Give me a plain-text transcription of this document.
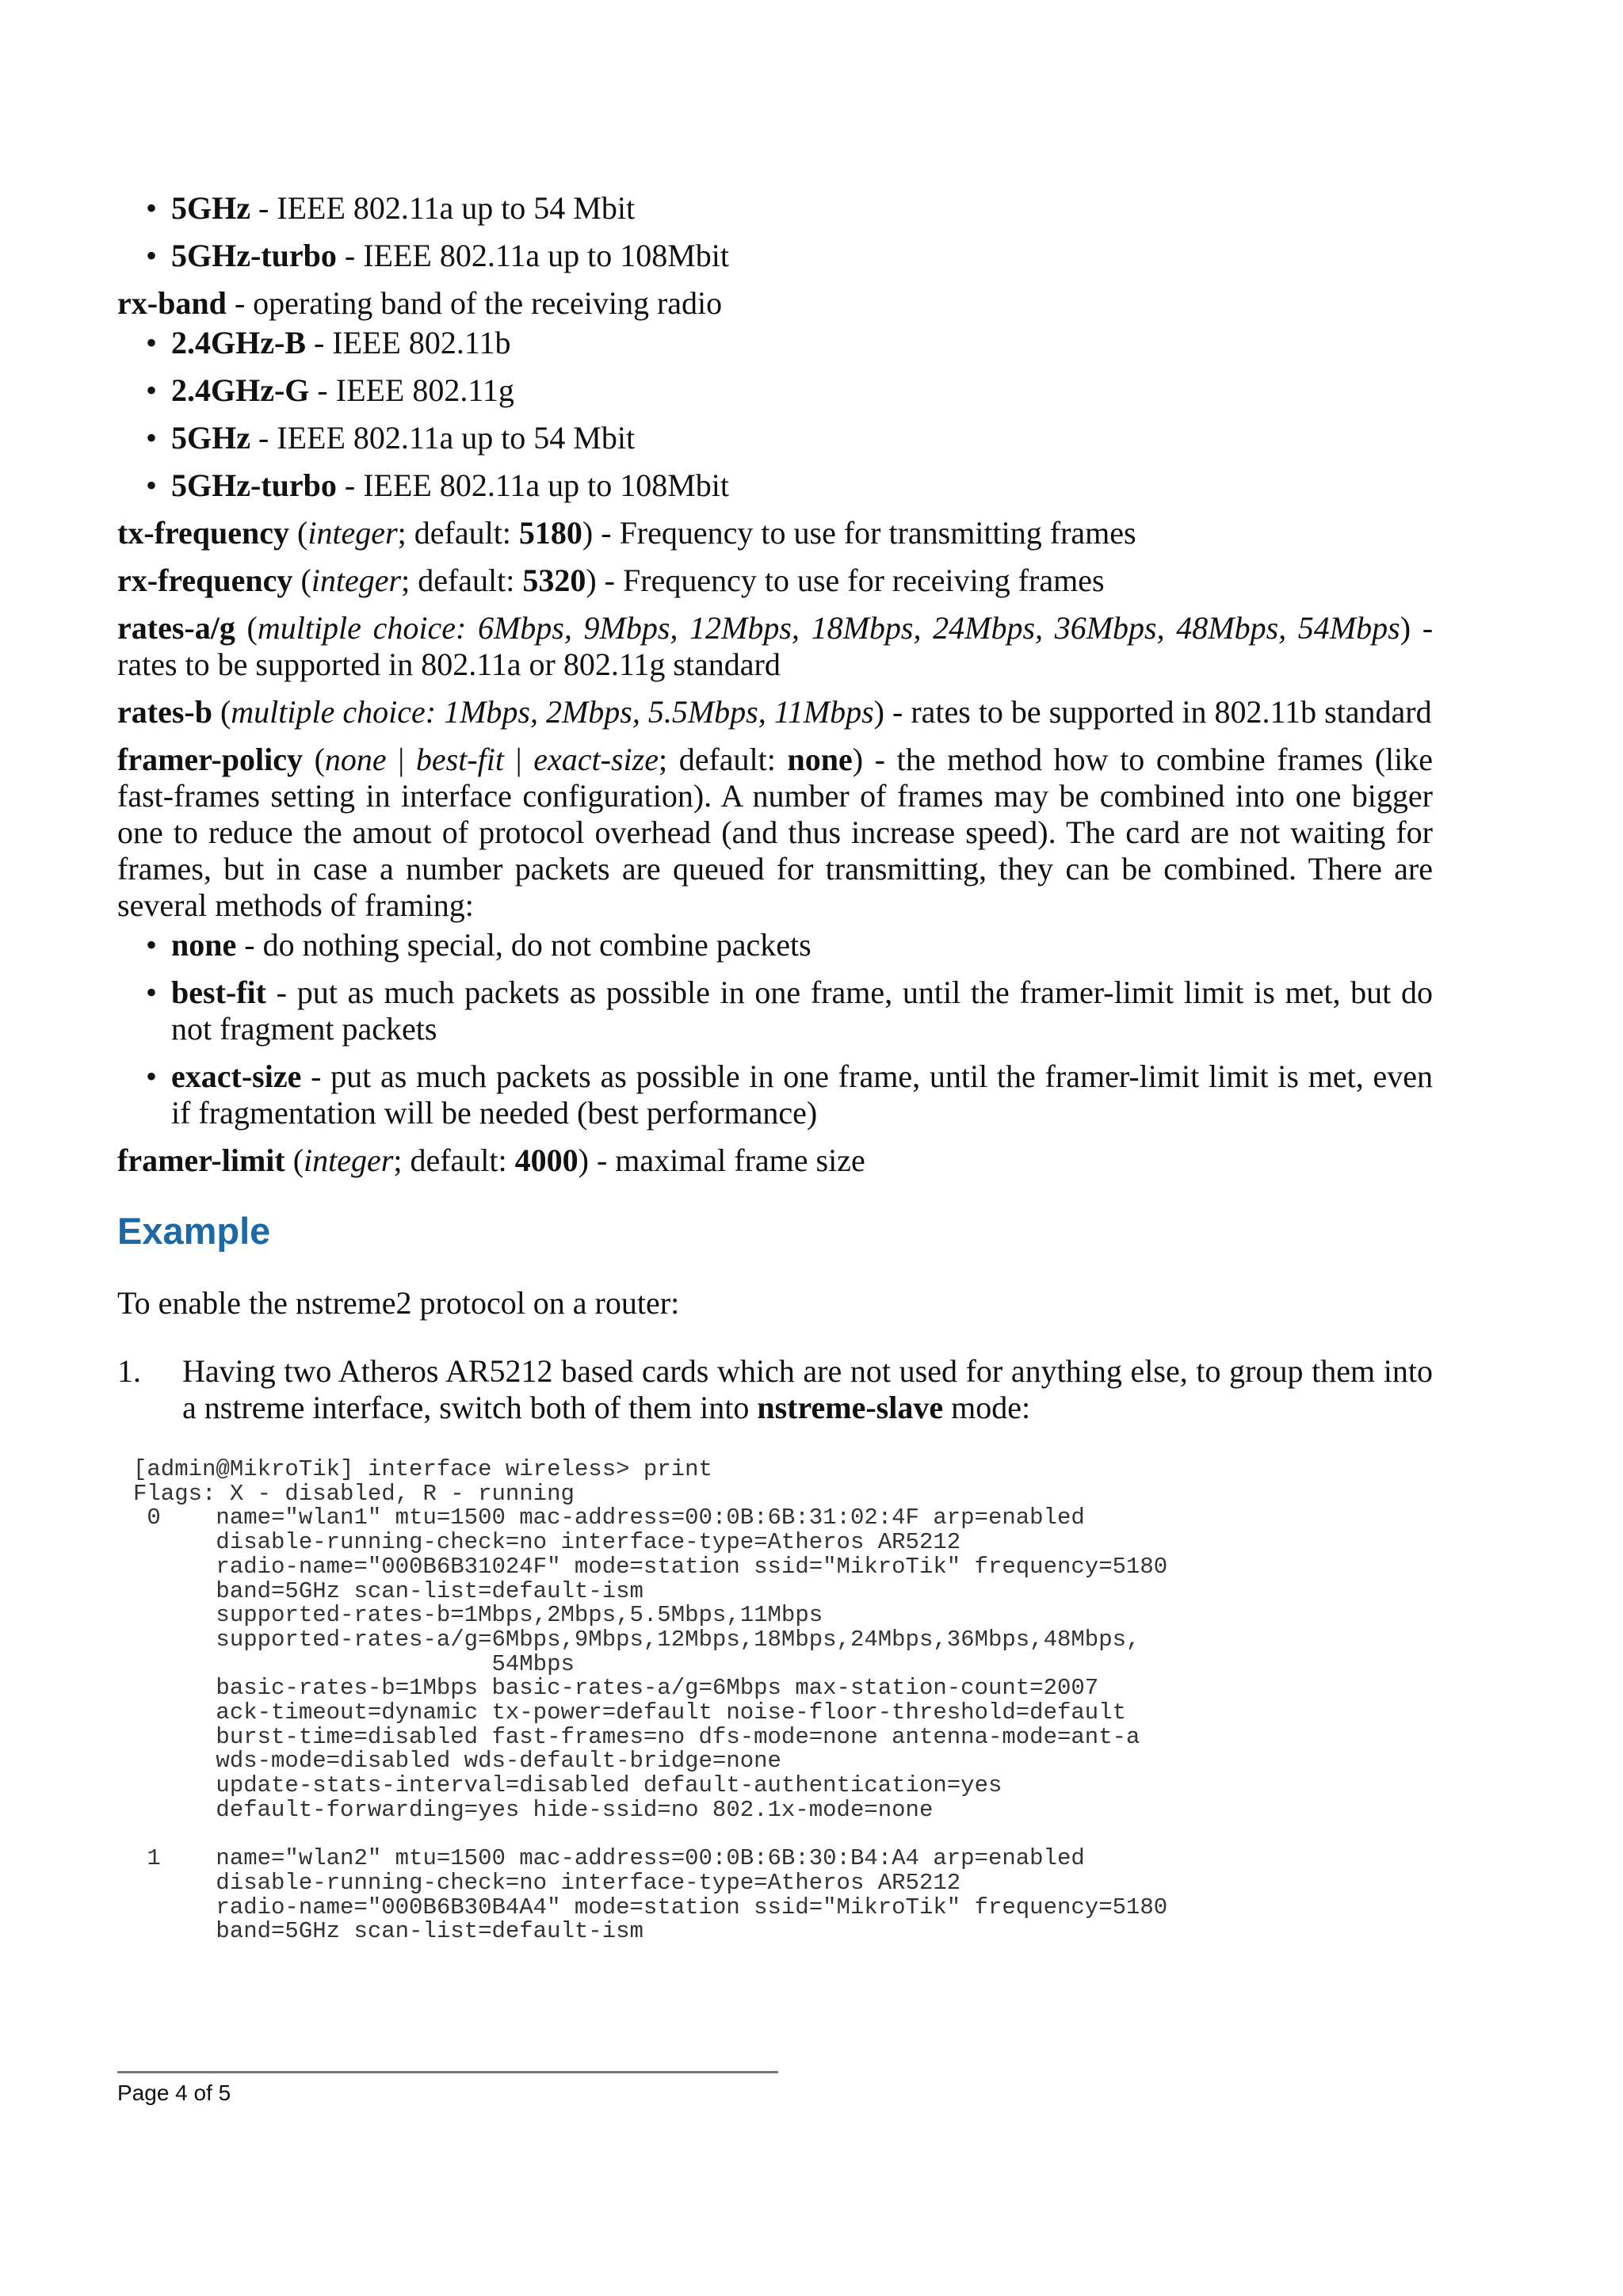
• 5GHz - IEEE 802.11a up to 54 Mbit
• 5GHz-turbo - IEEE 802.11a up to 108Mbit

rx-band - operating band of the receiving radio

• 2.4GHz-B - IEEE 802.11b
• 2.4GHz-G - IEEE 802.11g
• 5GHz - IEEE 802.11a up to 54 Mbit
• 5GHz-turbo - IEEE 802.11a up to 108Mbit

tx-frequency (integer; default: 5180) - Frequency to use for transmitting frames

rx-frequency (integer; default: 5320) - Frequency to use for receiving frames

rates-a/g (multiple choice: 6Mbps, 9Mbps, 12Mbps, 18Mbps, 24Mbps, 36Mbps, 48Mbps, 54Mbps) - rates to be supported in 802.11a or 802.11g standard

rates-b (multiple choice: 1Mbps, 2Mbps, 5.5Mbps, 11Mbps) - rates to be supported in 802.11b standard

framer-policy (none | best-fit | exact-size; default: none) - the method how to combine frames (like fast-frames setting in interface configuration). A number of frames may be combined into one bigger one to reduce the amout of protocol overhead (and thus increase speed). The card are not waiting for frames, but in case a number packets are queued for transmitting, they can be combined. There are several methods of framing:

• none - do nothing special, do not combine packets
• best-fit - put as much packets as possible in one frame, until the framer-limit limit is met, but do not fragment packets
• exact-size - put as much packets as possible in one frame, until the framer-limit limit is met, even if fragmentation will be needed (best performance)

framer-limit (integer; default: 4000) - maximal frame size

Example

To enable the nstreme2 protocol on a router:

1. Having two Atheros AR5212 based cards which are not used for anything else, to group them into a nstreme interface, switch both of them into nstreme-slave mode:
[admin@MikroTik] interface wireless> print
Flags: X - disabled, R - running
0    name="wlan1" mtu=1500 mac-address=00:0B:6B:31:02:4F arp=enabled
disable-running-check=no interface-type=Atheros AR5212
radio-name="000B6B31024F" mode=station ssid="MikroTik" frequency=5180
band=5GHz scan-list=default-ism
supported-rates-b=1Mbps,2Mbps,5.5Mbps,11Mbps
supported-rates-a/g=6Mbps,9Mbps,12Mbps,18Mbps,24Mbps,36Mbps,48Mbps,
54Mbps
basic-rates-b=1Mbps basic-rates-a/g=6Mbps max-station-count=2007
ack-timeout=dynamic tx-power=default noise-floor-threshold=default
burst-time=disabled fast-frames=no dfs-mode=none antenna-mode=ant-a
wds-mode=disabled wds-default-bridge=none
update-stats-interval=disabled default-authentication=yes
default-forwarding=yes hide-ssid=no 802.1x-mode=none

1    name="wlan2" mtu=1500 mac-address=00:0B:6B:30:B4:A4 arp=enabled
disable-running-check=no interface-type=Atheros AR5212
radio-name="000B6B30B4A4" mode=station ssid="MikroTik" frequency=5180
band=5GHz scan-list=default-ism
Page 4 of 5
